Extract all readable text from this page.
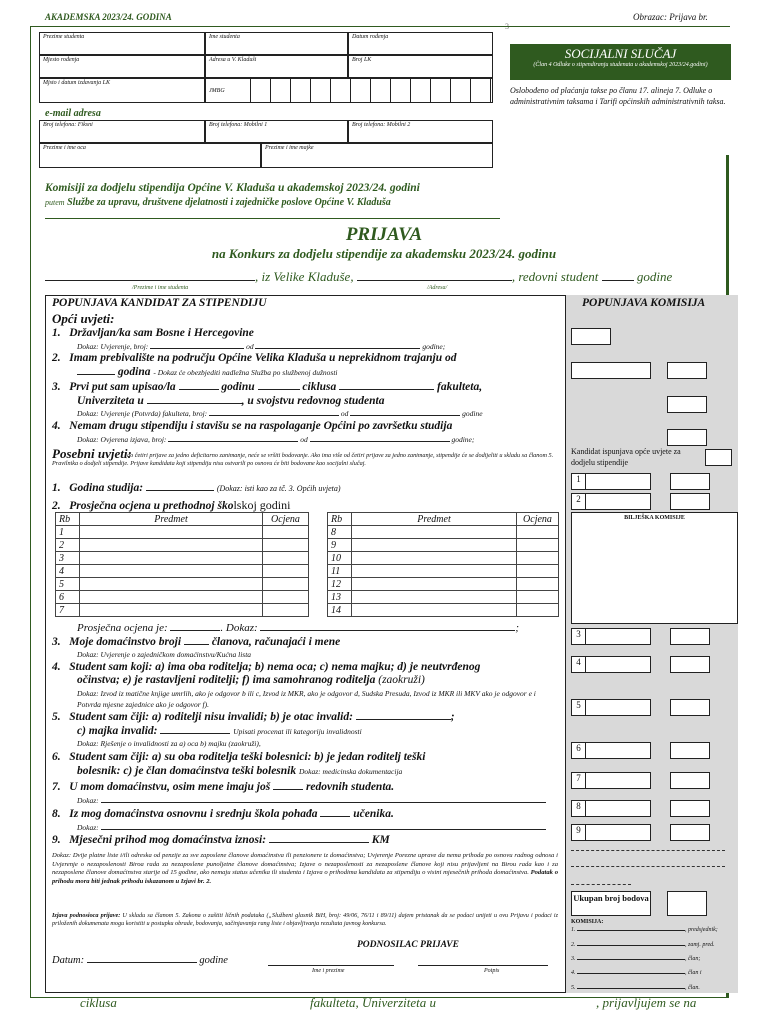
AKADEMSKA 2023/24. GODINA	Obrazac: Prijava br.
3
Prezime studenta	Ime studenta	Datum rođenja
Mjesto rođenja	Adresa u V. Kladuši	Broj LK
Mjsto i datum izdavanja LK
JMBG
e-mail adresa
Broj telefona: Fiksni	Broj telefona: Mobilni 1	Broj telefona: Mobilni 2
Prezime i ime oca	Prezime i ime majke
SOCIJALNI SLUČAJ
(Član 4 Odluke o stipendiranju studenata u akademskoj 2023/24.godini)
Oslobođeno od plaćanja takse po članu 17. alineja 7. Odluke o administrativnim taksama i Tarifi općinskih administrativnih taksa.
Komisiji za dodjelu stipendija Općine V. Kladuša u akademskoj 2023/24. godini
putem Službe za upravu, društvene djelatnosti i zajedničke poslove Općine V. Kladuša
PRIJAVA
na Konkurs za dodjelu stipendije za akademsku 2023/24. godinu
, iz Velike Kladuše,	, redovni student	godine
/Prezime i ime studenta	/Adresa/
POPUNJAVA KANDIDAT ZA STIPENDIJU	POPUNJAVA KOMISIJA
Opći uvjeti:
1.   Državljan/ka sam Bosne i Hercegovine
Dokaz: Uvjerenje, broj:	od	godine;
2.   Imam prebivalište na području Općine Velika Kladuša u neprekidnom trajanju od
godina - Dokaz će obezbjediti nadležna Služba po službenoj dužnosti
3.   Prvi put sam upisao/la	godinu	ciklusa	fakulteta,
Univerziteta u	, u svojstvu redovnog studenta
Dokaz: Uvjerenje (Potvrda) fakulteta, broj:	od	godine
4.   Nemam drugu stipendiju i stavišu se na raspolaganje Općini po završetku studija
Dokaz: Ovjerena izjava, broj:	od	godine;
Posebni uvjeti:
(do četiri prijave za jedno deficitarno zanimanje, neće se vršiti bodovanje. Ako ima više od četiri prijave za jedno zanimanje, stipendije će se dodijeliti u skladu sa članom 5. Pravilnika o dodjeli stipendije. Prijave kandidata koji stipendiju nisu ostvarili po osnovu će biti bodovane kao socijalni slučaj.
1.   Godina studija:	(Dokaz: isti kao za tč. 3. Općih uvjeta)
2.   Prosječna ocjena u prethodnoj školskoj godini
Rb	Predmet	Ocjena
1		
2		
3		
4		
5		
6		
7		
Rb	Predmet	Ocjena
8		
9		
10		
11		
12		
13		
14		
Prosječna ocjena je:	. Dokaz:	;
3.   Moje domaćinstvo broji	članova, računajaći i mene
Dokaz: Uvjerenje o zajedničkom domaćinstvu/Kućna lista
4.   Student sam koji: a) ima oba roditelja; b) nema oca; c) nema majku; d) je neutvrđenog
očinstva; e) je rastavljeni roditelji; f) ima samohranog roditelja (zaokruži)
Dokaz: Izvod iz matične knjige umrlih, ako je odgovor b ili c, Izvod iz MKR, ako je odgovor d, Sudska Presuda, Izvod iz MKR ili MKV ako je odgovor e i Potvrda mjesne zajednice ako je odgovor f).
5.   Student sam čiji: a) roditelji nisu invalidi; b) je otac invalid:	;
c) majka invalid:	Upisati procenat ili kategoriju invalidnosti
Dokaz: Rješenje o invalidnosti za a) oca b) majku (zaokruži),
6.   Student sam čiji: a) su oba roditelja teški bolesnici: b) je jedan roditelj teški
bolesnik: c) je član domaćinstva teški bolesnik Dokaz: medicinska dokumentacija
7.   U mom domaćinstvu, osim mene imaju još	redovnih studenta.
Dokaz:
8.   Iz mog domaćinstva osnovnu i srednju škola pohađa	učenika.
Dokaz:
9.   Mjesečni prihod mog domaćinstva iznosi:	KM
Dokaz: Dvije platne liste i/ili odreska od penzije za sve zaposlene članove domaćinstva ili penzionere iz domaćinstva; Uvjerenje Porezne uprave da nema prihoda po osnovu radnog odnosa i Uvjerenje o nezaposlenosti Biroa rada za nezaposlene punoljetne članove domaćinstva; Izjave o nezaposlenosti za nezaposlene članove koji nisu prijavljeni na Birou rada kao i za nezaposlene članove domaćinstva starije od 15 godine, ako nemaju status učenika ili studenta i Izjava o prihodima kandidata za stipendiju o visini mjesečnih prihoda domaćinstva. Podatak o prihodu mora biti jednak prihodu iskazanom u Izjavi br. 2.
Izjava podnosioca prijave: U skladu sa članom 5. Zakona o zaštiti ličnih podataka („Službeni glasnik BiH, broj: 49/06, 76/11 i 89/11) dajem pristanak da se podaci unijeti u ovu Prijavu i podaci iz priloženih dokumenata mogu koristiti u postupku obrade, bodovanja, sačinjavanja rang liste i objavljivanja rezultata javnog konkursa.
PODNOSILAC PRIJAVE
Datum:	godine
Ime i prezime	Potpis
Kandidat ispunjava opće uvjete za dodjelu stipendije
1
2
BILJEŠKA KOMISIJE
3
4
5
6
7
8
9
Ukupan broj bodova
KOMISIJA:
1.	, predsjednik;
2.	, zamj. pred.
3.	, član;
4.	, član i
5.	, član.
ciklusa	fakulteta, Univerziteta u	, prijavljujem se na
